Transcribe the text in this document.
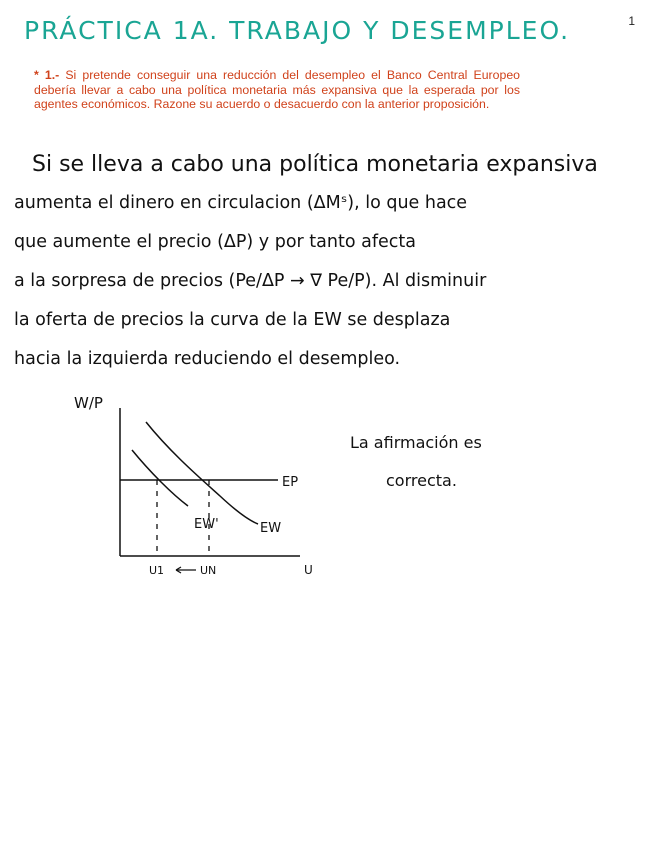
1
PRÁCTICA 1A. TRABAJO Y DESEMPLEO.
* 1.- Si pretende conseguir una reducción del desempleo el Banco Central Europeo debería llevar a cabo una política monetaria más expansiva que la esperada por los agentes económicos. Razone su acuerdo o desacuerdo con la anterior proposición.
Si se lleva a cabo una política monetaria expansiva
aumenta el dinero en circulacion (ΔMˢ), lo que hace
que aumente el precio (ΔP) y por tanto afecta
a la sorpresa de precios (Pe/ΔP → ∇ Pe/P). Al disminuir
la oferta de precios la curva de la EW se desplaza
hacia la izquierda reduciendo el desempleo.
W/P
U
EP
EW
EW'
U1	UN
La afirmación es
correcta.
